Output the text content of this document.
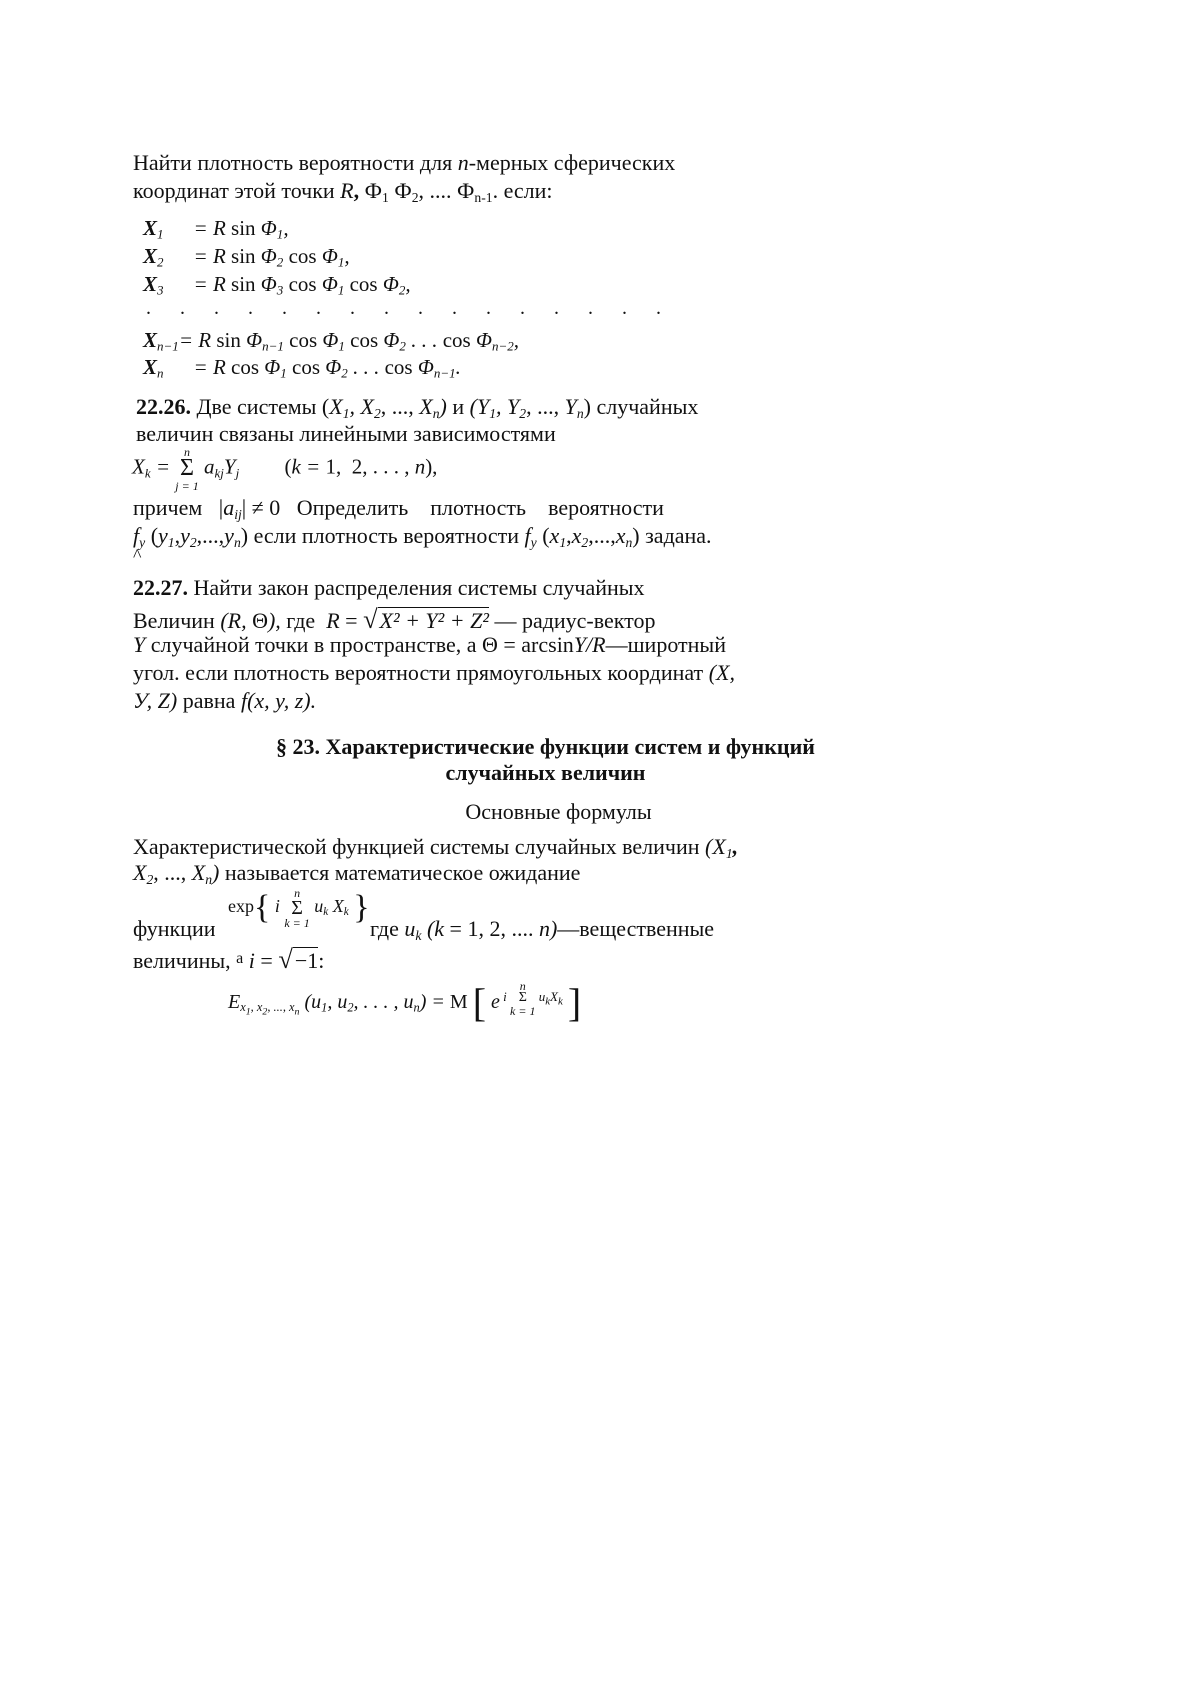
Найти плотность вероятности для n-мерных сферических
координат этой точки R, $Ф_1$ $Ф_2$, .... $Ф_{n-1}$. если:
$X_1 = R$ $\sin \Phi_1$,
$X_2 = R$ $\sin \Phi_2$ $\cos \Phi_1$,
$X_3 = R$ $\sin \Phi_3$ $\cos \Phi_1$ $\cos \Phi_2$,
. . . . . . . . . . . . . . . .
$X_{n-1}= R$ $\sin \Phi_{n-1}$ $\cos \Phi_1$ $\cos \Phi_2$ . . . $\cos \Phi_{n-2}$,
$X_n = R$ $\cos \Phi_1$ $\cos \Phi_2$ . . . $\cos \Phi_{n-1}$.
22.26. Две системы ($X_1$, $X_2$, ..., $X_n$) и ($Y_1$, $Y_2$, ..., $Y_n$) случайных
величин связаны линейными зависимостями
$X_k$ =
n
Σ
j = 1
$a_{kj}Y_j$ (k = 1,  2, . . . , n),
причем   $|a_{ij}| \ne 0$   Определить    плотность    вероятности
$f_y$ $(y_1,y_2,...,y_n)$ если плотность вероятности $f_y$ $(x_1,x_2,...,x_n)$ задана.
^
22.27. Найти закон распределения системы случайных
Величин (R, Θ), где  R = √X² + Y² + Z² — радиус-вектор
Y случайной точки в пространстве, а Θ = arcsinY/R—широтный
угол. если плотность вероятности прямоугольных координат (X,
У, Z) равна f(x, y, z).
§ 23. Характеристические функции систем и функций
случайных величин
Основные формулы
Характеристической функцией системы случайных величин ($X_1$,
$X_2$, ..., $X_n$) называется математическое ожидание
функции
exp{ i
n
Σ
k = 1
$u_k$ $X_k$ }
где $u_k$ (k = 1, 2, .... n)—вещественные
величины, $^а$ i = √−1:
$E_{x_1, x_2, ..., x_n}$ ($u_1$, $u_2$, . . . , $u_n) = M$ [ e $^{i n \Sigma k = 1 u_kX_k}$ ]
